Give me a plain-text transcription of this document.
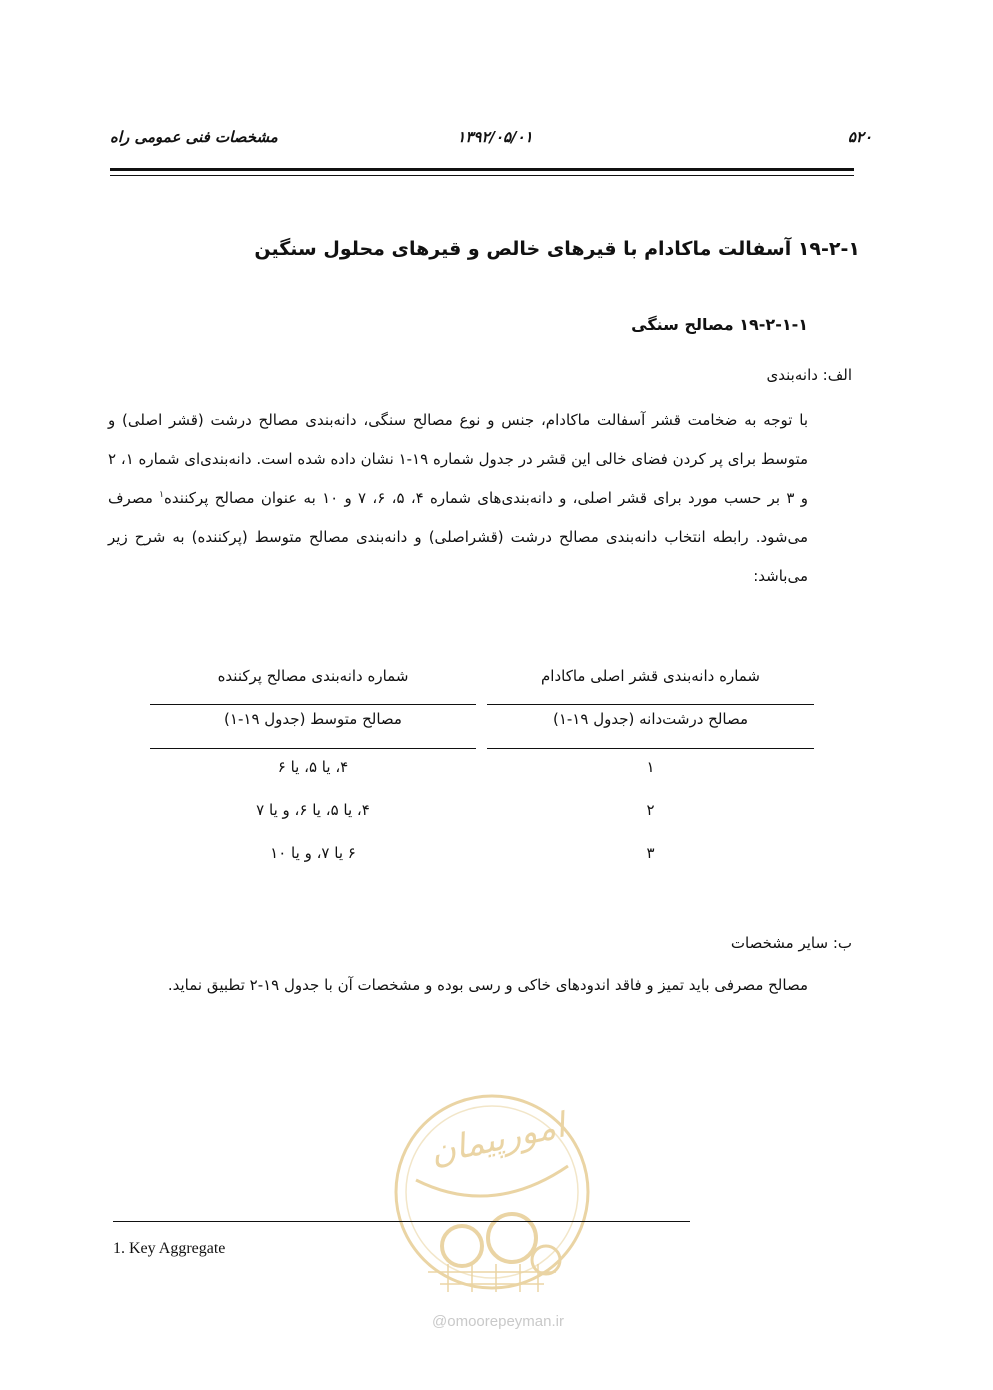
۵۲۰
۱۳۹۲/۰۵/۰۱
مشخصات فنی عمومی راه
۱۹-۲-۱ آسفالت ماکادام با قیرهای خالص و قیرهای محلول سنگین
۱۹-۲-۱-۱ مصالح سنگی
الف: دانه‌بندی
با توجه به ضخامت قشر آسفالت ماکادام، جنس و نوع مصالح سنگی، دانه‌بندی مصالح درشت (قشر اصلی) و متوسط برای پر کردن فضای خالی این قشر در جدول شماره ۱۹-۱ نشان داده شده است. دانه‌بندی‌ای شماره ۱، ۲ و ۳ بر حسب مورد برای قشر اصلی، و دانه‌بندی‌های شماره ۴، ۵، ۶، ۷ و ۱۰ به عنوان مصالح پرکننده$^۱$ مصرف می‌شود. رابطه انتخاب دانه‌بندی مصالح درشت (قشراصلی) و دانه‌بندی مصالح متوسط (پرکننده) به شرح زیر می‌باشد:
شماره دانه‌بندی قشر اصلی ماکادام
شماره دانه‌بندی مصالح پرکننده
مصالح درشت‌دانه (جدول ۱۹-۱)
مصالح متوسط (جدول ۱۹-۱)
۱
۴، یا ۵، یا ۶
۲
۴، یا ۵، یا ۶، و یا ۷
۳
۶ یا ۷، و یا ۱۰
ب: سایر مشخصات
مصالح مصرفی باید تمیز و فاقد اندودهای خاکی و رسی بوده و مشخصات آن با جدول ۱۹-۲ تطبیق نماید.
امورپیمان
@omoorepeyman.ir
1. Key Aggregate
